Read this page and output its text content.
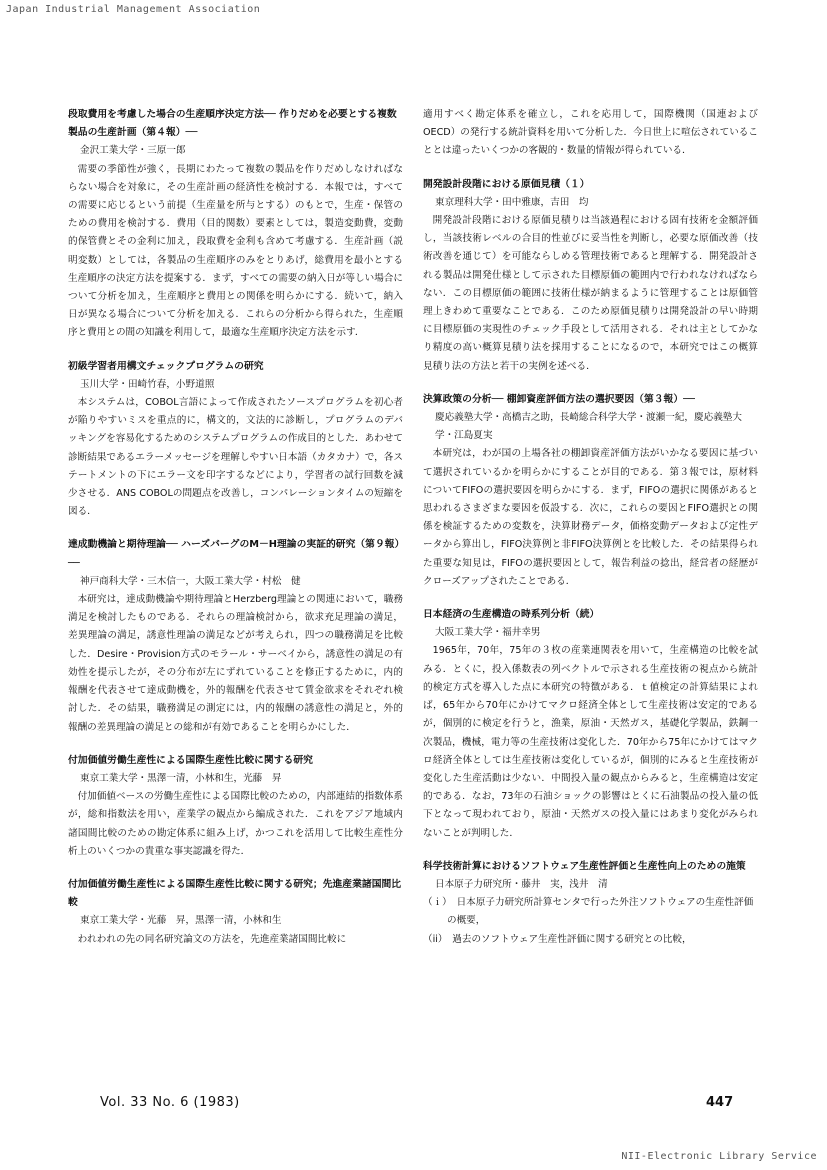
Japan Industrial Management Association

段取費用を考慮した場合の生産順序決定方法── 作りだめを必要とする複数製品の生産計画（第４報）──

金沢工業大学・三原一郎

需要の季節性が強く，長期にわたって複数の製品を作りだめしなければならない場合を対象に，その生産計画の経済性を検討する．本報では，すべての需要に応じるという前提（生産量を所与とする）のもとで，生産・保管のための費用を検討する．費用（目的関数）要素としては，製造変動費，変動的保管費とその金利に加え，段取費を金利も含めて考慮する．生産計画（説明変数）としては，各製品の生産順序のみをとりあげ，総費用を最小とする生産順序の決定方法を提案する．まず，すべての需要の納入日が等しい場合について分析を加え，生産順序と費用との関係を明らかにする．続いて，納入日が異なる場合について分析を加える．これらの分析から得られた，生産順序と費用との間の知識を利用して，最適な生産順序決定方法を示す．

初級学習者用構文チェックプログラムの研究

玉川大学・田崎竹春，小野道照

本システムは，COBOL言語によって作成されたソースプログラムを初心者が陥りやすいミスを重点的に，構文的，文法的に診断し，プログラムのデバッキングを容易化するためのシステムプログラムの作成目的とした．あわせて診断結果であるエラーメッセージを理解しやすい日本語（カタカナ）で，各ステートメントの下にエラー文を印字するなどにより，学習者の試行回数を減少させる．ANS COBOLの問題点を改善し，コンパレーションタイムの短縮を図る．

達成動機論と期待理論── ハーズバーグのM－H理論の実証的研究（第９報）──

神戸商科大学・三木信一，大阪工業大学・村松　健

本研究は，達成動機論や期待理論とHerzberg理論との関連において，職務満足を検討したものである．それらの理論検討から，欲求充足理論の満足，差異理論の満足，誘意性理論の満足などが考えられ，四つの職務満足を比較した．Desire・Provision方式のモラール・サーベイから，誘意性の満足の有効性を提示したが，その分布が左にずれていることを修正するために，内的報酬を代表させて達成動機を，外的報酬を代表させて賃金欲求をそれぞれ検討した．その結果，職務満足の測定には，内的報酬の誘意性の満足と，外的報酬の差異理論の満足との総和が有効であることを明らかにした．

付加価値労働生産性による国際生産性比較に関する研究

東京工業大学・黒澤一清，小林和生，光藤　昇

付加価値ベースの労働生産性による国際比較のための，内部連結的指数体系が，総和指数法を用い，産業学の観点から編成された．これをアジア地域内諸国間比較のための勘定体系に組み上げ，かつこれを活用して比較生産性分析上のいくつかの貴重な事実認識を得た．

付加価値労働生産性による国際生産性比較に関する研究；先進産業諸国間比較

東京工業大学・光藤　昇，黒澤一清，小林和生

われわれの先の同名研究論文の方法を，先進産業諸国間比較に

適用すべく勘定体系を確立し，これを応用して，国際機関（国連およびOECD）の発行する統計資料を用いて分析した．今日世上に喧伝されていることとは違ったいくつかの客観的・数量的情報が得られている．

開発設計段階における原価見積（１）

東京理科大学・田中雅康，吉田　均

開発設計段階における原価見積りは当該過程における固有技術を金額評価し，当該技術レベルの合目的性並びに妥当性を判断し，必要な原価改善（技術改善を通じて）を可能ならしめる管理技術であると理解する．開発設計される製品は開発仕様として示された目標原価の範囲内で行われなければならない．この目標原価の範囲に技術仕様が納まるように管理することは原価管理上きわめて重要なことである．このため原価見積りは開発設計の早い時期に目標原価の実現性のチェック手段として活用される．それは主としてかなり精度の高い概算見積り法を採用することになるので，本研究ではこの概算見積り法の方法と若干の実例を述べる．

決算政策の分析── 棚卸資産評価方法の選択要因（第３報）──

慶応義塾大学・高橋吉之助，長崎総合科学大学・渡瀬一紀，慶応義塾大学・江島夏実

本研究は，わが国の上場各社の棚卸資産評価方法がいかなる要因に基づいて選択されているかを明らかにすることが目的である．第３報では，原材料についてFIFOの選択要因を明らかにする．まず，FIFOの選択に関係があると思われるさまざまな要因を仮設する．次に，これらの要因とFIFO選択との関係を検証するための変数を，決算財務データ，価格変動データおよび定性データから算出し，FIFO決算例と非FIFO決算例とを比較した．その結果得られた重要な知見は，FIFOの選択要因として，報告利益の捻出，経営者の経歴がクローズアップされたことである．

日本経済の生産構造の時系列分析（続）

大阪工業大学・福井幸男

1965年，70年，75年の３枚の産業連関表を用いて，生産構造の比較を試みる．とくに，投入係数表の列ベクトルで示される生産技術の視点から統計的検定方式を導入した点に本研究の特徴がある．ｔ値検定の計算結果によれば，65年から70年にかけてマクロ経済全体として生産技術は安定的であるが，個別的に検定を行うと，漁業，原油・天然ガス，基礎化学製品，鉄鋼一次製品，機械，電力等の生産技術は変化した．70年から75年にかけてはマクロ経済全体としては生産技術は変化しているが，個別的にみると生産技術が変化した生産活動は少ない．中間投入量の観点からみると，生産構造は安定的である．なお，73年の石油ショックの影響はとくに石油製品の投入量の低下となって現われており，原油・天然ガスの投入量にはあまり変化がみられないことが判明した．

科学技術計算におけるソフトウェア生産性評価と生産性向上のための施策

日本原子力研究所・藤井　実，浅井　清

（ｉ）　日本原子力研究所計算センタで行った外注ソフトウェアの生産性評価の概要，

（ii）　過去のソフトウェア生産性評価に関する研究との比較，

Vol. 33 No. 6 (1983)	447
NII-Electronic Library Service
